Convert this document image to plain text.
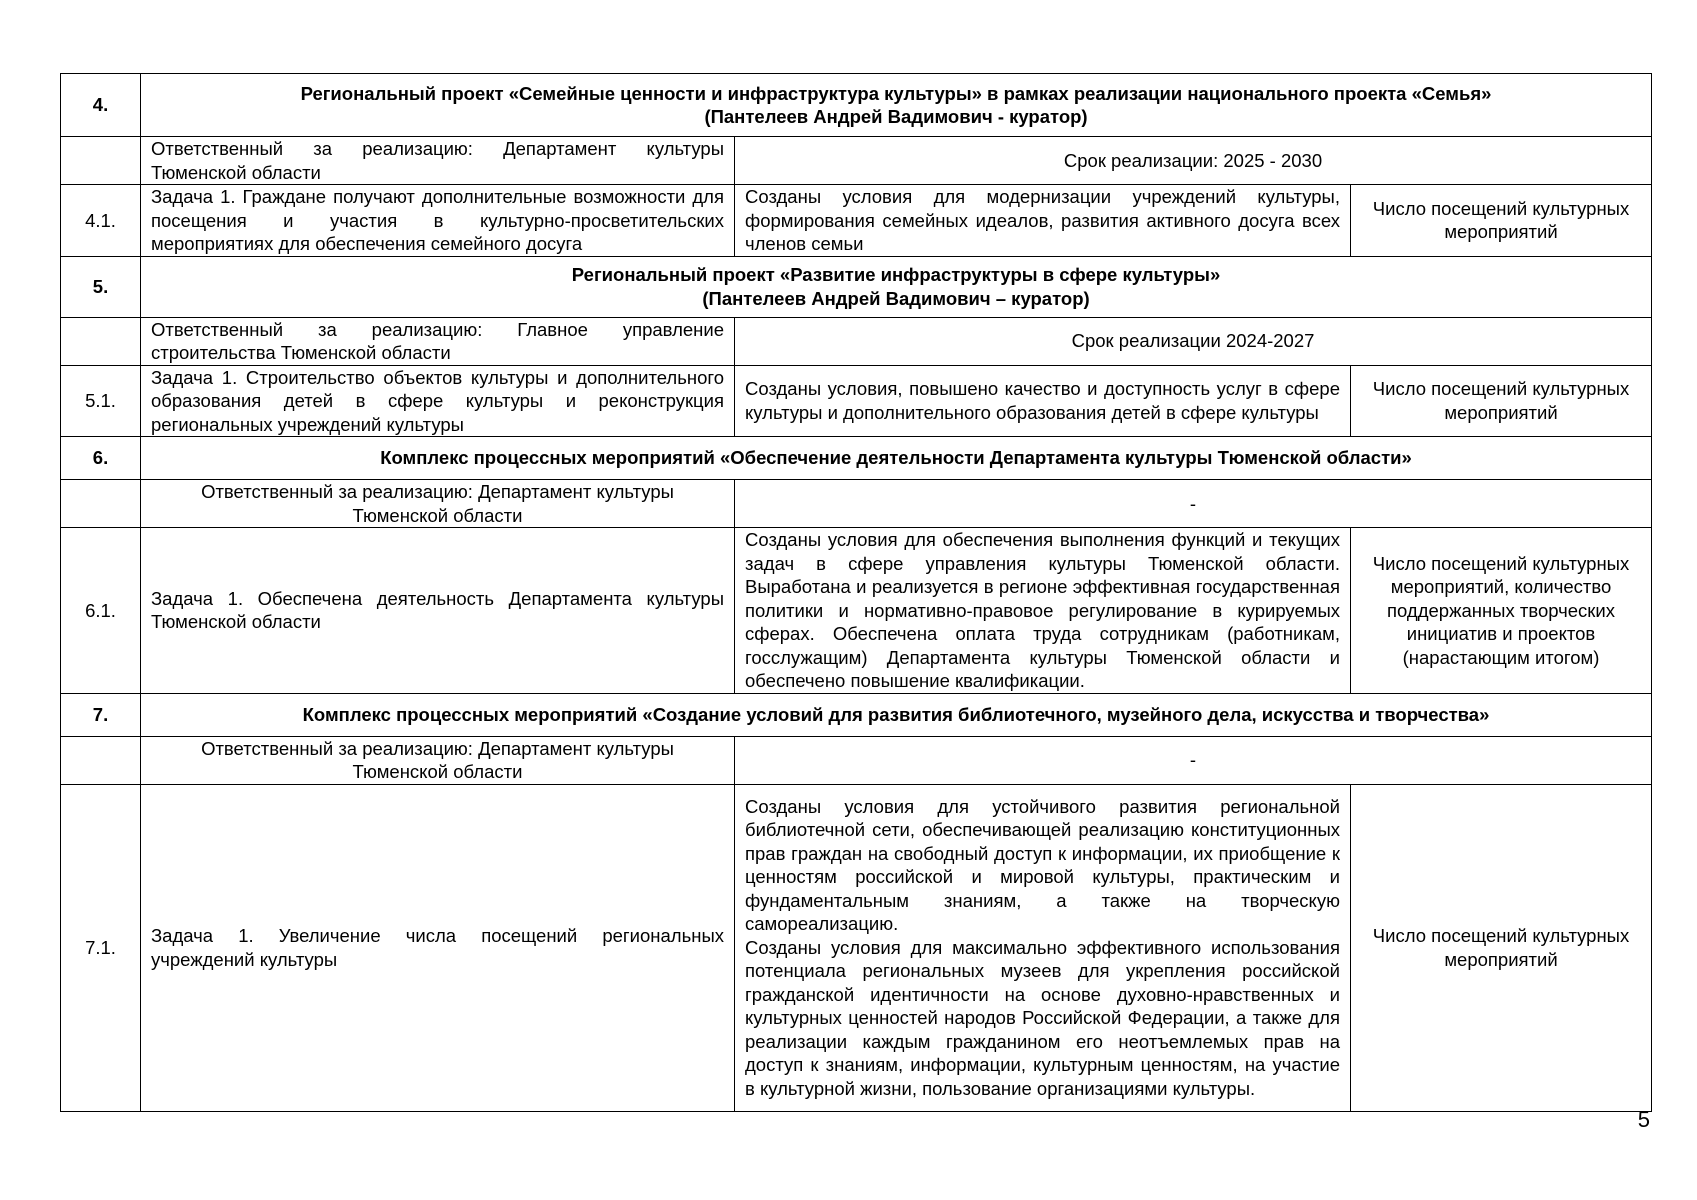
4.	Региональный проект «Семейные ценности и инфраструктура культуры» в рамках реализации национального проекта «Семья»
(Пантелеев Андрей Вадимович - куратор)		

	Ответственный за реализацию: Департамент культуры Тюменской области	Срок реализации: 2025 - 2030	
4.1.	Задача 1. Граждане получают дополнительные возможности для посещения и участия в культурно-просветительских мероприятиях для обеспечения семейного досуга	Созданы условия для модернизации учреждений культуры, формирования семейных идеалов, развития активного досуга всех членов семьи	Число посещений культурных мероприятий
5.	Региональный проект «Развитие инфраструктуры в сфере культуры»
(Пантелеев Андрей Вадимович – куратор)		

	Ответственный за реализацию: Главное управление строительства Тюменской области	Срок реализации 2024-2027	
5.1.	Задача 1. Строительство объектов культуры и дополнительного образования детей в сфере культуры и реконструкция региональных учреждений культуры	Созданы условия, повышено качество и доступность услуг в сфере культуры и дополнительного образования детей в сфере культуры	Число посещений культурных мероприятий
6.	Комплекс процессных мероприятий «Обеспечение деятельности Департамента культуры Тюменской области»		

	Ответственный за реализацию: Департамент культуры Тюменской области	-	
6.1.	Задача 1. Обеспечена деятельность Департамента культуры Тюменской области	Созданы условия для обеспечения выполнения функций и текущих задач в сфере управления культуры Тюменской области. Выработана и реализуется в регионе эффективная государственная политики и нормативно-правовое регулирование в курируемых сферах. Обеспечена оплата труда сотрудникам (работникам, госслужащим) Департамента культуры Тюменской области и обеспечено повышение квалификации.	Число посещений культурных мероприятий, количество поддержанных творческих инициатив и проектов (нарастающим итогом)
7.	Комплекс процессных мероприятий «Создание условий для развития библиотечного, музейного дела, искусства и творчества»		

	Ответственный за реализацию: Департамент культуры Тюменской области	-	
7.1.	Задача 1. Увеличение числа посещений региональных учреждений культуры	Созданы условия для устойчивого развития региональной библиотечной сети, обеспечивающей реализацию конституционных прав граждан на свободный доступ к информации, их приобщение к ценностям российской и мировой культуры, практическим и фундаментальным знаниям, а также на творческую самореализацию.
Созданы условия для максимально эффективного использования потенциала региональных музеев для укрепления российской гражданской идентичности на основе духовно-нравственных и культурных ценностей народов Российской Федерации, а также для реализации каждым гражданином его неотъемлемых прав на доступ к знаниям, информации, культурным ценностям, на участие в культурной жизни, пользование организациями культуры.	Число посещений культурных мероприятий
5
